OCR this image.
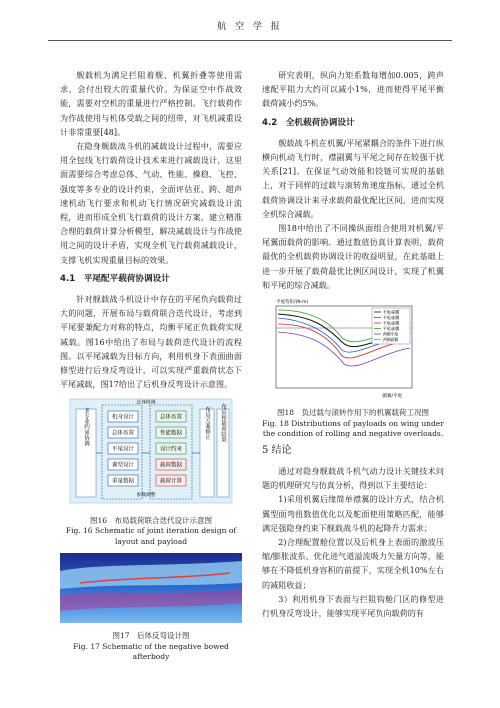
航 空 学 报

舰载机为满足拦阻着舰、机翼折叠等使用需求，会付出较大的重量代价。为保证空中作战效能，需要对空机的重量进行严格控制。飞行载荷作为作战使用与机体受载之间的纽带，对飞机减重设计非常重要[48]。

在隐身舰载战斗机的减载设计过程中，需要应用全包线飞行载荷设计技术来进行减载设计，这里面需要综合考虑总体、气动、性能、操稳、飞控、强度等多专业的设计约束，全面评估亚、跨、超声速机动飞行要求和机动飞行情况研究减载设计流程，进而形成全机飞行载荷的设计方案，建立精准合理的载荷计算分析模型，解决减载设计与作战使用之间的设计矛盾，实现全机飞行载荷减载设计，支撑飞机实现重量目标的效果。

4.1　平尾配平载荷协调设计

针对舰载战斗机设计中存在的平尾负向载荷过大的问题，开展布局与载荷联合迭代设计，考虑到平尾要兼配力对称的特点，均衡平尾正负载荷实现减载。图16中给出了布局与载荷迭代设计的流程图。以平尾减载为目标方向，利用机身下表面曲面修型进行后身反弯设计，可以实现严重载荷状态下平尾减载，图17给出了后机身反弯设计示意图。

多专业约束协调	机身设计
总体布置
平尾设计
翼型设计
重量数据
总体布置
性能数据
设计约束
载荷数据
载荷计算
布局方案修正 布局和载荷结果
参数调整
总体协调

图16　布局载荷联合迭代设计示意图

Fig. 16 Schematic of joint iteration design of layout and payload

图17　后体反弯设计图

Fig. 17 Schematic of the negative bowed afterbody

研究表明，纵向力矩系数每增加0.005，跨声速配平阻力大约可以减小1%，进而使得平尾平衡载荷减小约5%。

4.2　全机载荷协调设计

舰载战斗机在机翼/平尾紧耦合的条件下进行纵横向机动飞行时，襟副翼与平尾之间存在较强干扰关系[21]。在保证气动效能和铰链可实现的基础上，对于同样的过载与滚转角速度指标，通过全机载荷协调设计来寻求载荷最优配比区间，进而实现全机综合减载。

图18中给出了不同操纵面组合使用对机翼/平尾翼面载荷的影响。通过数值仿真计算表明，载荷最优的全机载荷协调设计的收益明显，在此基础上进一步开展了载荷最优比例区间设计，实现了机翼和平尾的综合减载。

平尾弯矩/(N·m)
副翼/平尾
平尾/副翼
平尾/副翼
平尾/副翼
平尾/副翼
两侧平尾
两侧副翼

图18　负过载与滚转作用下的机翼载荷工况图

Fig. 18 Distributions of payloads on wing under the condition of rolling and negative overloads.

5 结论

通过对隐身舰载战斗机气动力设计关键技术问题的机理研究与仿真分析，得到以下主要结论：

1)采用机翼后缘简单襟翼的设计方式，结合机翼型面弯扭数值优化以及舵面使用策略匹配，能够满足强隐身约束下舰载战斗机的起降升力需求；

2)合理配置舱位置以及后机身上表面的激波压缩/膨胀波系、优化进气道溢流吸力矢量方向等，能够在不降低机身容积的前提下，实现全机10%左右的减阻收益；

3）利用机身下表面与拦阻钩舱门区的修型进行机身反弯设计，能够实现平尾负向载荷的有
